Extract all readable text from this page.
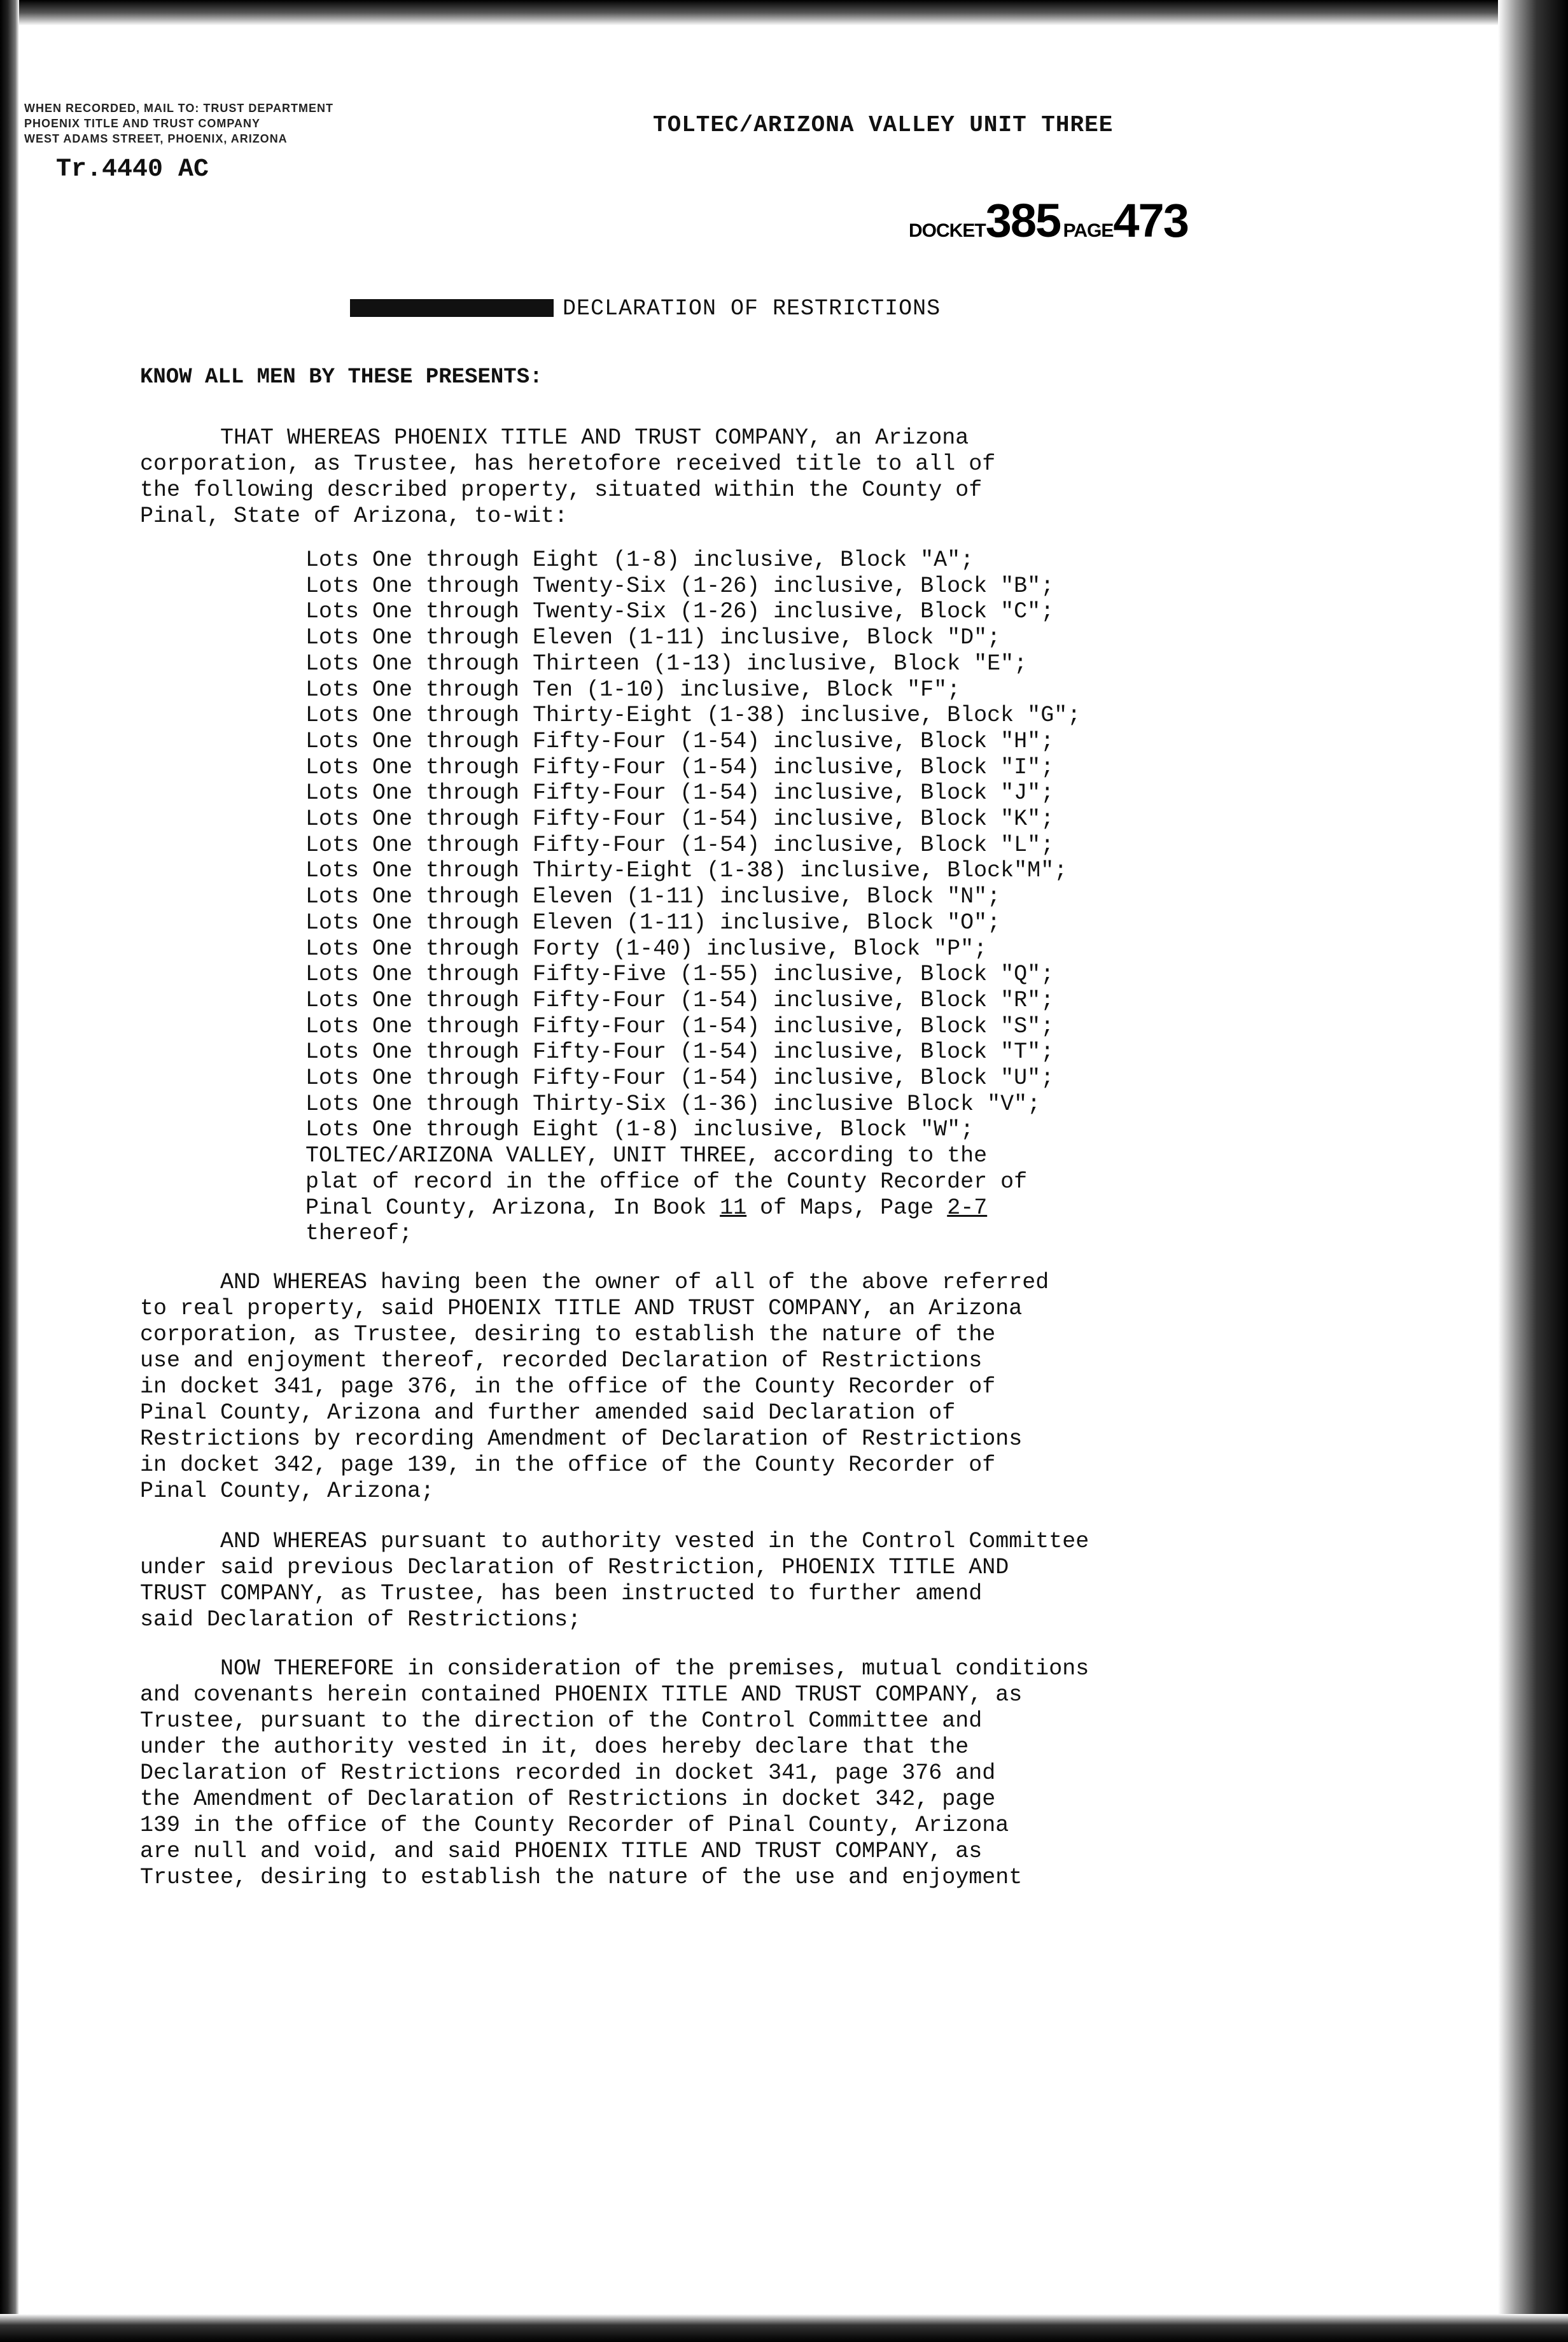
WHEN RECORDED, MAIL TO: TRUST DEPARTMENT
PHOENIX TITLE AND TRUST COMPANY
WEST ADAMS STREET, PHOENIX, ARIZONA
Tr.4440 AC
TOLTEC/ARIZONA VALLEY UNIT THREE
DOCKET385 PAGE473
DECLARATION OF RESTRICTIONS
KNOW ALL MEN BY THESE PRESENTS:
THAT WHEREAS PHOENIX TITLE AND TRUST COMPANY, an Arizona
corporation, as Trustee, has heretofore received title to all of
the following described property, situated within the County of
Pinal, State of Arizona, to-wit:
Lots One through Eight (1-8) inclusive, Block "A";
Lots One through Twenty-Six (1-26) inclusive, Block "B";
Lots One through Twenty-Six (1-26) inclusive, Block "C";
Lots One through Eleven (1-11) inclusive, Block "D";
Lots One through Thirteen (1-13) inclusive, Block "E";
Lots One through Ten (1-10) inclusive, Block "F";
Lots One through Thirty-Eight (1-38) inclusive, Block "G";
Lots One through Fifty-Four (1-54) inclusive, Block "H";
Lots One through Fifty-Four (1-54) inclusive, Block "I";
Lots One through Fifty-Four (1-54) inclusive, Block "J";
Lots One through Fifty-Four (1-54) inclusive, Block "K";
Lots One through Fifty-Four (1-54) inclusive, Block "L";
Lots One through Thirty-Eight (1-38) inclusive, Block"M";
Lots One through Eleven (1-11) inclusive, Block "N";
Lots One through Eleven (1-11) inclusive, Block "O";
Lots One through Forty (1-40) inclusive, Block "P";
Lots One through Fifty-Five (1-55) inclusive, Block "Q";
Lots One through Fifty-Four (1-54) inclusive, Block "R";
Lots One through Fifty-Four (1-54) inclusive, Block "S";
Lots One through Fifty-Four (1-54) inclusive, Block "T";
Lots One through Fifty-Four (1-54) inclusive, Block "U";
Lots One through Thirty-Six (1-36) inclusive Block "V";
Lots One through Eight (1-8) inclusive, Block "W";
TOLTEC/ARIZONA VALLEY, UNIT THREE, according to the
plat of record in the office of the County Recorder of
Pinal County, Arizona, In Book 11 of Maps, Page 2-7
thereof;
AND WHEREAS having been the owner of all of the above referred
to real property, said PHOENIX TITLE AND TRUST COMPANY, an Arizona
corporation, as Trustee, desiring to establish the nature of the
use and enjoyment thereof, recorded Declaration of Restrictions
in docket 341, page 376, in the office of the County Recorder of
Pinal County, Arizona and further amended said Declaration of
Restrictions by recording Amendment of Declaration of Restrictions
in docket 342, page 139, in the office of the County Recorder of
Pinal County, Arizona;
AND WHEREAS pursuant to authority vested in the Control Committee
under said previous Declaration of Restriction, PHOENIX TITLE AND
TRUST COMPANY, as Trustee, has been instructed to further amend
said Declaration of Restrictions;
NOW THEREFORE in consideration of the premises, mutual conditions
and covenants herein contained PHOENIX TITLE AND TRUST COMPANY, as
Trustee, pursuant to the direction of the Control Committee and
under the authority vested in it, does hereby declare that the
Declaration of Restrictions recorded in docket 341, page 376 and
the Amendment of Declaration of Restrictions in docket 342, page
139 in the office of the County Recorder of Pinal County, Arizona
are null and void, and said PHOENIX TITLE AND TRUST COMPANY, as
Trustee, desiring to establish the nature of the use and enjoyment
